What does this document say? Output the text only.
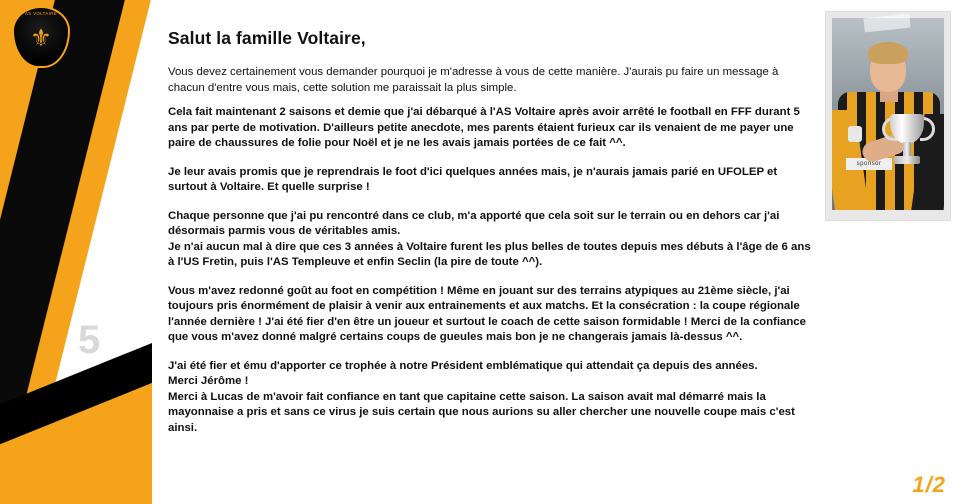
AS VOLTAIRE
⚜
5
sponsor
Salut la famille Voltaire,

Vous devez certainement vous demander pourquoi je m'adresse à vous de cette manière. J'aurais pu faire un message à chacun d'entre vous mais, cette solution me paraissait la plus simple.

Cela fait maintenant 2 saisons et demie que j'ai débarqué à l'AS Voltaire après avoir arrêté le football en FFF durant 5 ans par perte de motivation. D'ailleurs petite anecdote, mes parents étaient furieux car ils venaient de me payer une paire de chaussures de folie pour Noël et je ne les avais jamais portées de ce fait ^^.

Je leur avais promis que je reprendrais le foot d'ici quelques années mais, je n'aurais jamais parié en UFOLEP et surtout à Voltaire. Et quelle surprise !

Chaque personne que j'ai pu rencontré dans ce club, m'a apporté que cela soit sur le terrain ou en dehors car j'ai désormais parmis vous de véritables amis.

Je n'ai aucun mal à dire que ces 3 années à Voltaire furent les plus belles de toutes depuis mes débuts à l'âge de 6 ans à l'US Fretin, puis l'AS Templeuve et enfin Seclin (la pire de toute ^^).

Vous m'avez redonné goût au foot en compétition ! Même en jouant sur des terrains atypiques au 21ème siècle, j'ai toujours pris énormément de plaisir à venir aux entrainements et aux matchs. Et la consécration : la coupe régionale l'année dernière ! J'ai été fier d'en être un joueur et surtout le coach de cette saison formidable ! Merci de la confiance que vous m'avez donné malgré certains coups de gueules mais bon je ne changerais jamais là-dessus ^^.

J'ai été fier et ému d'apporter ce trophée à notre Président emblématique qui attendait ça depuis des années.

Merci Jérôme !

Merci à Lucas de m'avoir fait confiance en tant que capitaine cette saison. La saison avait mal démarré mais la mayonnaise a pris et sans ce virus je suis certain que nous aurions su aller chercher une nouvelle coupe mais c'est ainsi.

1/2
